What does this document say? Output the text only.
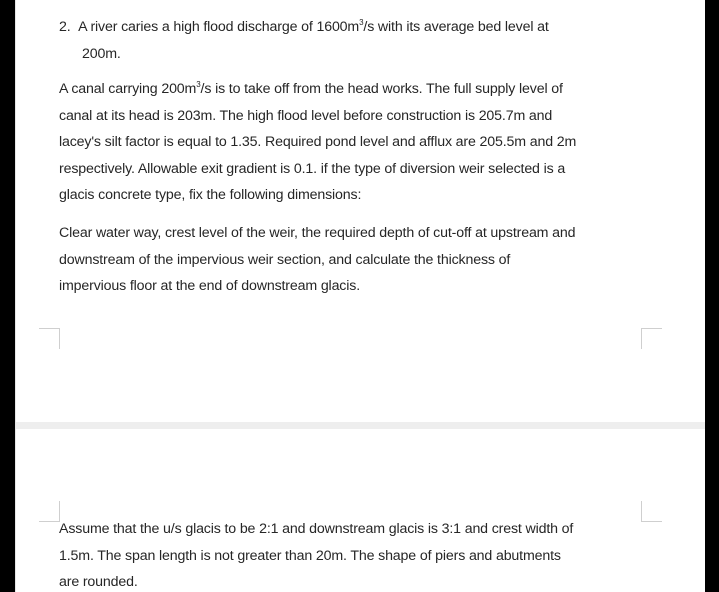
2. A river caries a high flood discharge of $1600m^3/s$ with its average bed level at
200m.
A canal carrying $200m^3/s$ is to take off from the head works. The full supply level of
canal at its head is 203m. The high flood level before construction is 205.7m and
lacey's silt factor is equal to 1.35. Required pond level and afflux are 205.5m and 2m
respectively. Allowable exit gradient is 0.1. if the type of diversion weir selected is a
glacis concrete type, fix the following dimensions:
Clear water way, crest level of the weir, the required depth of cut-off at upstream and
downstream of the impervious weir section, and calculate the thickness of
impervious floor at the end of downstream glacis.
Assume that the u/s glacis to be 2:1 and downstream glacis is 3:1 and crest width of
1.5m. The span length is not greater than 20m. The shape of piers and abutments
are rounded.
